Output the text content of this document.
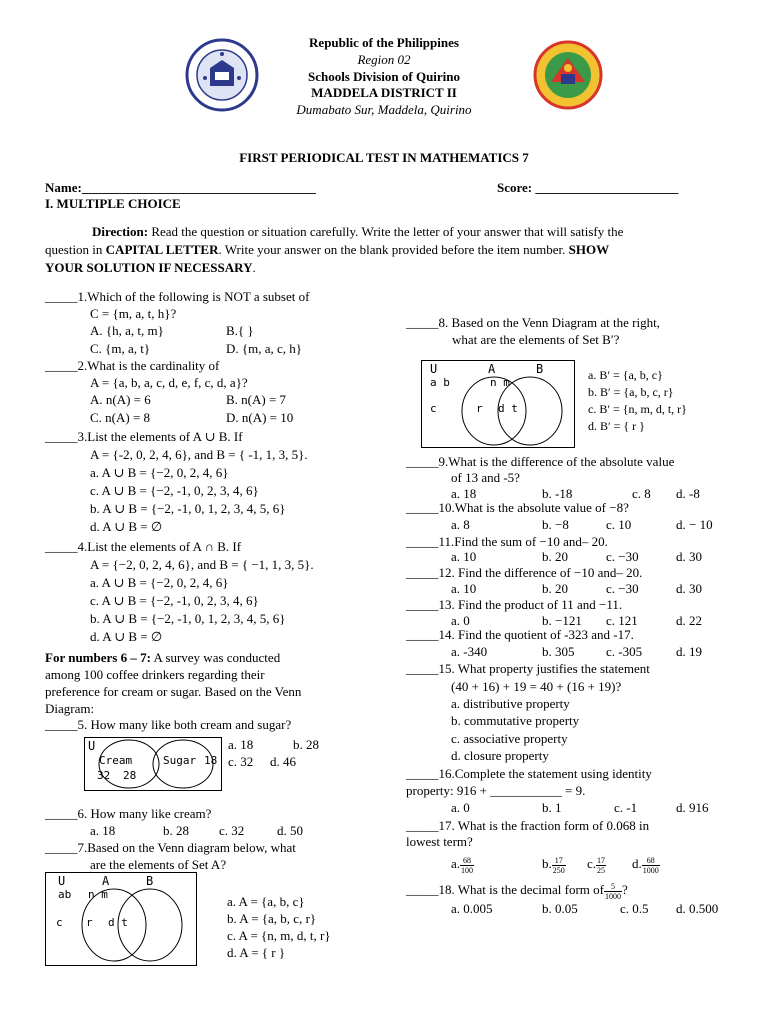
Republic of the Philippines
Region 02
Schools Division of Quirino
MADDELA DISTRICT II
Dumabato Sur, Maddela, Quirino
FIRST PERIODICAL TEST IN MATHEMATICS 7
Name:____________________________________	Score: ______________________
I. MULTIPLE CHOICE
Direction: Read the question or situation carefully. Write the letter of your answer that will satisfy the
question in CAPITAL LETTER. Write your answer on the blank provided before the item number. SHOW
YOUR SOLUTION IF NECESSARY.
_____1.Which of the following is NOT a subset of
C = {m, a, t, h}?
A. {h, a, t, m}	B.{ }
C. {m, a, t}	D. {m, a, c, h}
_____2.What is the cardinality of
A = {a, b, a, c, d, e, f, c, d, a}?
A. n(A) = 6	B. n(A) = 7
C. n(A) = 8	D. n(A) = 10
_____3.List the elements of A ∪ B. If
A = {-2, 0, 2, 4, 6}, and B = { -1, 1, 3, 5}.
a. A ∪ B = {−2, 0, 2, 4, 6}
c. A ∪ B = {−2, -1, 0, 2, 3, 4, 6}
b. A ∪ B = {−2, -1, 0, 1, 2, 3, 4, 5, 6}
d. A ∪ B = ∅
_____4.List the elements of A ∩ B. If
A = {−2, 0, 2, 4, 6}, and B = { −1, 1, 3, 5}.
a. A ∪ B = {−2, 0, 2, 4, 6}
c. A ∪ B = {−2, -1, 0, 2, 3, 4, 6}
b. A ∪ B = {−2, -1, 0, 1, 2, 3, 4, 5, 6}
d. A ∪ B = ∅
For numbers 6 – 7: A survey was conducted
among 100 coffee drinkers regarding their
preference for cream or sugar. Based on the Venn
Diagram:
_____5. How many like both cream and sugar?
U
Cream	Sugar 18
32 28
a. 18	b. 28
c. 32 d. 46
_____6. How many like cream?
a. 18	b. 28 c. 32	d. 50
_____7.Based on the Venn diagram below, what
are the elements of Set A?
U	A	B
ab n m
c r d t
a. A = {a, b, c}
b. A = {a, b, c, r}
c. A = {n, m, d, t, r}
d. A = { r }
_____8. Based on the Venn Diagram at the right,
what are the elements of Set B′?
U	A	B
a b	n m
c	r d t
a. B′ = {a, b, c}
b. B′ = {a, b, c, r}
c. B′ = {n, m, d, t, r}
d. B′ = { r }
_____9.What is the difference of the absolute value
of 13 and -5?
a. 18	b. -18	c. 8 d. -8
_____10.What is the absolute value of −8?
a. 8	b. −8	c. 10	d. − 10
_____11.Find the sum of −10 and– 20.
a. 10	b. 20	c. −30	d. 30
_____12. Find the difference of −10 and– 20.
a. 10	b. 20	c. −30	d. 30
_____13. Find the product of 11 and −11.
a. 0	b. −121 c. 121	d. 22
_____14. Find the quotient of -323 and -17.
a. -340	b. 305 c. -305	d. 19
_____15. What property justifies the statement
(40 + 16) + 19 = 40 + (16 + 19)?
a. distributive property
b. commutative property
c. associative property
d. closure property
_____16.Complete the statement using identity
property: 916 + ___________ = 9.
a. 0	b. 1	c. -1	d. 916
_____17. What is the fraction form of 0.068 in
lowest term?
a. $\frac{68}{100}$	b. $\frac{17}{250} c$. $\frac{17}{25} d$. $\frac{68}{1000}$
_____18. What is the decimal form of $\frac{5}{1000}$ ?
a. 0.005	b. 0.05	c. 0.5 d. 0.500
